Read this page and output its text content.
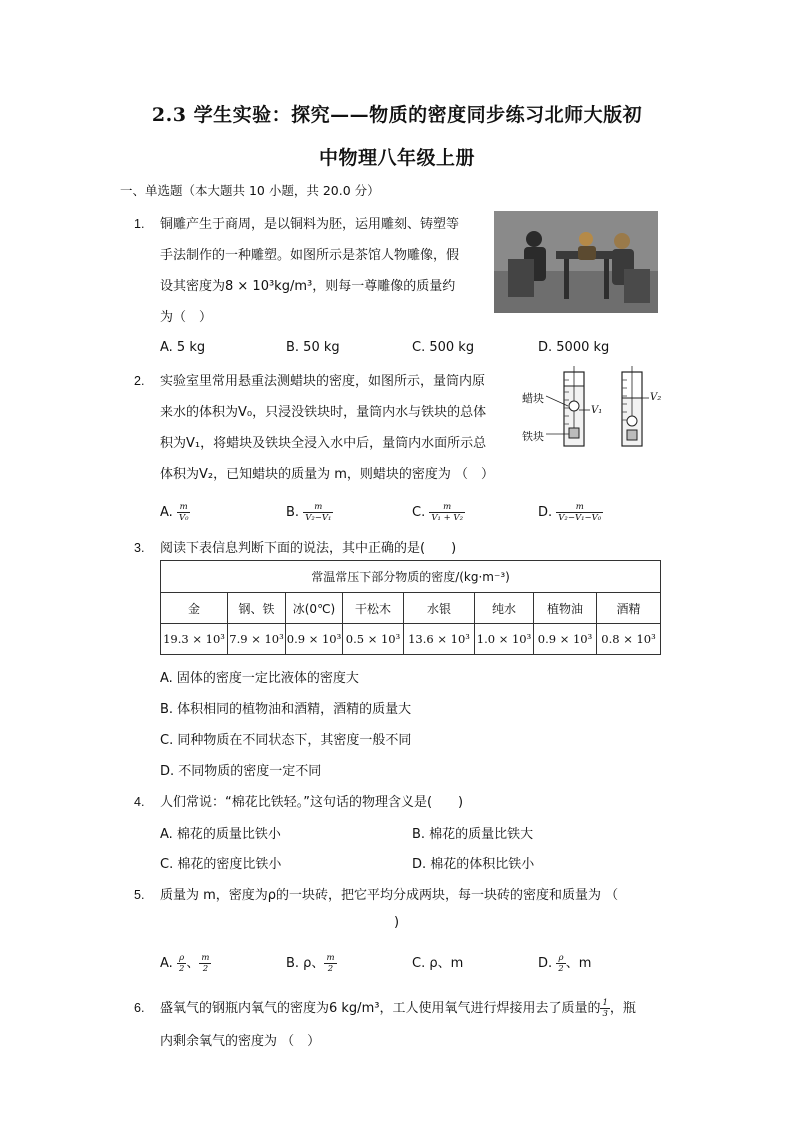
2.3 学生实验：探究——物质的密度同步练习北师大版初
中物理八年级上册
一、单选题（本大题共 10 小题，共 20.0 分）
1. 铜雕产生于商周，是以铜料为胚，运用雕刻、铸塑等
手法制作的一种雕塑。如图所示是茶馆人物雕像，假
设其密度为8 × 10³kg/m³，则每一尊雕像的质量约
为（　）
A. 5 kg	B. 50 kg	C. 500 kg	D. 5000 kg
2. 实验室里常用悬重法测蜡块的密度，如图所示，量筒内原
来水的体积为V₀，只浸没铁块时，量筒内水与铁块的总体
积为V₁，将蜡块及铁块全浸入水中后，量筒内水面所示总
体积为V₂，已知蜡块的质量为 m，则蜡块的密度为 （　）
蜡块
铁块
V₁
V₂
A. $\frac{m}{\text{V₀}}$	B. $\frac{m}{\text{V₂−V₁}}$	C. $\frac{m}{\text{V₁ + V₂}}$	D. $\frac{m}{\text{V₂−V₁−V₀}}$
3. 阅读下表信息判断下面的说法，其中正确的是(　　)
常温常压下部分物质的密度/(kg·m⁻³)							
金	钢、铁	冰(0℃)	干松木	水银	纯水	植物油	酒精
19.3 × 10³	7.9 × 10³	0.9 × 10³	0.5 × 10³	13.6 × 10³	1.0 × 10³	0.9 × 10³	0.8 × 10³
A. 固体的密度一定比液体的密度大
B. 体积相同的植物油和酒精，酒精的质量大
C. 同种物质在不同状态下，其密度一般不同
D. 不同物质的密度一定不同
4. 人们常说：“棉花比铁轻。”这句话的物理含义是(　　)
A. 棉花的质量比铁小	B. 棉花的质量比铁大
C. 棉花的密度比铁小	D. 棉花的体积比铁小
5. 质量为 m，密度为ρ的一块砖，把它平均分成两块，每一块砖的密度和质量为 （
)
A. $\frac{\rho}{2}$ 、 $\frac{m}{2}$	B. ρ、 $\frac{m}{2}$	C. ρ、m	D. $\frac{\rho}{2}$ 、m
6. 盛氧气的钢瓶内氧气的密度为6 kg/m³，工人使用氧气进行焊接用去了质量的 $\frac{1}{3}$ ，瓶
内剩余氧气的密度为 （　）
